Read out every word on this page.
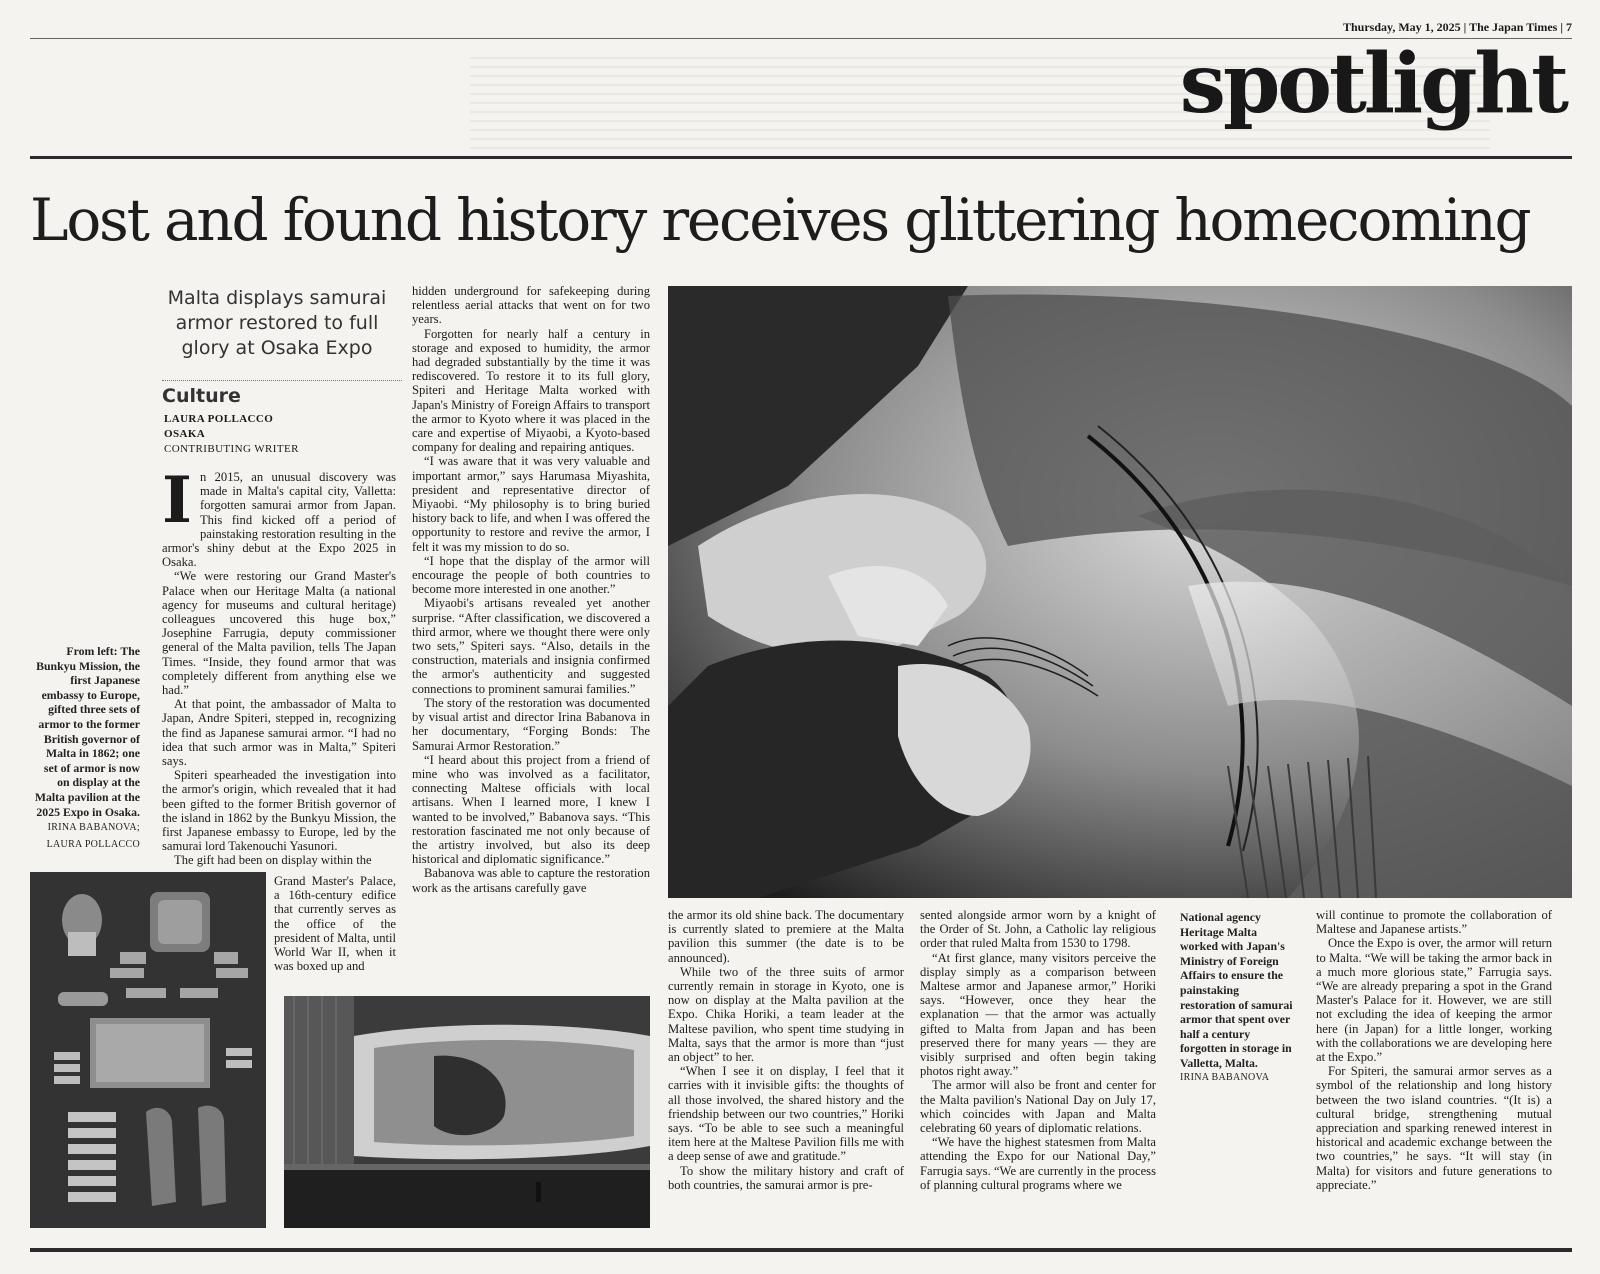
Thursday, May 1, 2025 | The Japan Times | 7
spotlight
Lost and found history receives glittering homecoming
Malta displays samurai armor restored to full glory at Osaka Expo
Culture
LAURA POLLACCO
OSAKA
CONTRIBUTING WRITER
From left: The Bunkyu Mission, the first Japanese embassy to Europe, gifted three sets of armor to the former British governor of Malta in 1862; one set of armor is now on display at the Malta pavilion at the 2025 Expo in Osaka. IRINA BABANOVA; LAURA POLLACCO

In 2015, an unusual discovery was made in Malta's capital city, Valletta: forgotten samurai armor from Japan. This find kicked off a period of painstaking restoration resulting in the armor's shiny debut at the Expo 2025 in Osaka.

“We were restoring our Grand Master's Palace when our Heritage Malta (a national agency for museums and cultural heritage) colleagues uncovered this huge box,” Josephine Farrugia, deputy commissioner general of the Malta pavilion, tells The Japan Times. “Inside, they found armor that was completely different from anything else we had.”

At that point, the ambassador of Malta to Japan, Andre Spiteri, stepped in, recognizing the find as Japanese samurai armor. “I had no idea that such armor was in Malta,” Spiteri says.

Spiteri spearheaded the investigation into the armor's origin, which revealed that it had been gifted to the former British governor of the island in 1862 by the Bunkyu Mission, the first Japanese embassy to Europe, led by the samurai lord Takenouchi Yasunori.

The gift had been on display within the

Grand Master's Palace, a 16th-century edifice that currently serves as the office of the president of Malta, until World War II, when it was boxed up and

hidden underground for safekeeping during relentless aerial attacks that went on for two years.

Forgotten for nearly half a century in storage and exposed to humidity, the armor had degraded substantially by the time it was rediscovered. To restore it to its full glory, Spiteri and Heritage Malta worked with Japan's Ministry of Foreign Affairs to transport the armor to Kyoto where it was placed in the care and expertise of Miyaobi, a Kyoto-based company for dealing and repairing antiques.

“I was aware that it was very valuable and important armor,” says Harumasa Miyashita, president and representative director of Miyaobi. “My philosophy is to bring buried history back to life, and when I was offered the opportunity to restore and revive the armor, I felt it was my mission to do so.

“I hope that the display of the armor will encourage the people of both countries to become more interested in one another.”

Miyaobi's artisans revealed yet another surprise. “After classification, we discovered a third armor, where we thought there were only two sets,” Spiteri says. “Also, details in the construction, materials and insignia confirmed the armor's authenticity and suggested connections to prominent samurai families.”

The story of the restoration was documented by visual artist and director Irina Babanova in her documentary, “Forging Bonds: The Samurai Armor Restoration.”

“I heard about this project from a friend of mine who was involved as a facilitator, connecting Maltese officials with local artisans. When I learned more, I knew I wanted to be involved,” Babanova says. “This restoration fascinated me not only because of the artistry involved, but also its deep historical and diplomatic significance.”

Babanova was able to capture the restoration work as the artisans carefully gave

the armor its old shine back. The documentary is currently slated to premiere at the Malta pavilion this summer (the date is to be announced).

While two of the three suits of armor currently remain in storage in Kyoto, one is now on display at the Malta pavilion at the Expo. Chika Horiki, a team leader at the Maltese pavilion, who spent time studying in Malta, says that the armor is more than “just an object” to her.

“When I see it on display, I feel that it carries with it invisible gifts: the thoughts of all those involved, the shared history and the friendship between our two countries,” Horiki says. “To be able to see such a meaningful item here at the Maltese Pavilion fills me with a deep sense of awe and gratitude.”

To show the military history and craft of both countries, the samurai armor is pre-

sented alongside armor worn by a knight of the Order of St. John, a Catholic lay religious order that ruled Malta from 1530 to 1798.

“At first glance, many visitors perceive the display simply as a comparison between Maltese armor and Japanese armor,” Horiki says. “However, once they hear the explanation — that the armor was actually gifted to Malta from Japan and has been preserved there for many years — they are visibly surprised and often begin taking photos right away.”

The armor will also be front and center for the Malta pavilion's National Day on July 17, which coincides with Japan and Malta celebrating 60 years of diplomatic relations.

“We have the highest statesmen from Malta attending the Expo for our National Day,” Farrugia says. “We are currently in the process of planning cultural programs where we

National agency Heritage Malta worked with Japan's Ministry of Foreign Affairs to ensure the painstaking restoration of samurai armor that spent over half a century forgotten in storage in Valletta, Malta.
IRINA BABANOVA

will continue to promote the collaboration of Maltese and Japanese artists.”

Once the Expo is over, the armor will return to Malta. “We will be taking the armor back in a much more glorious state,” Farrugia says. “We are already preparing a spot in the Grand Master's Palace for it. However, we are still not excluding the idea of keeping the armor here (in Japan) for a little longer, working with the collaborations we are developing here at the Expo.”

For Spiteri, the samurai armor serves as a symbol of the relationship and long history between the two island countries. “(It is) a cultural bridge, strengthening mutual appreciation and sparking renewed interest in historical and academic exchange between the two countries,” he says. “It will stay (in Malta) for visitors and future generations to appreciate.”
